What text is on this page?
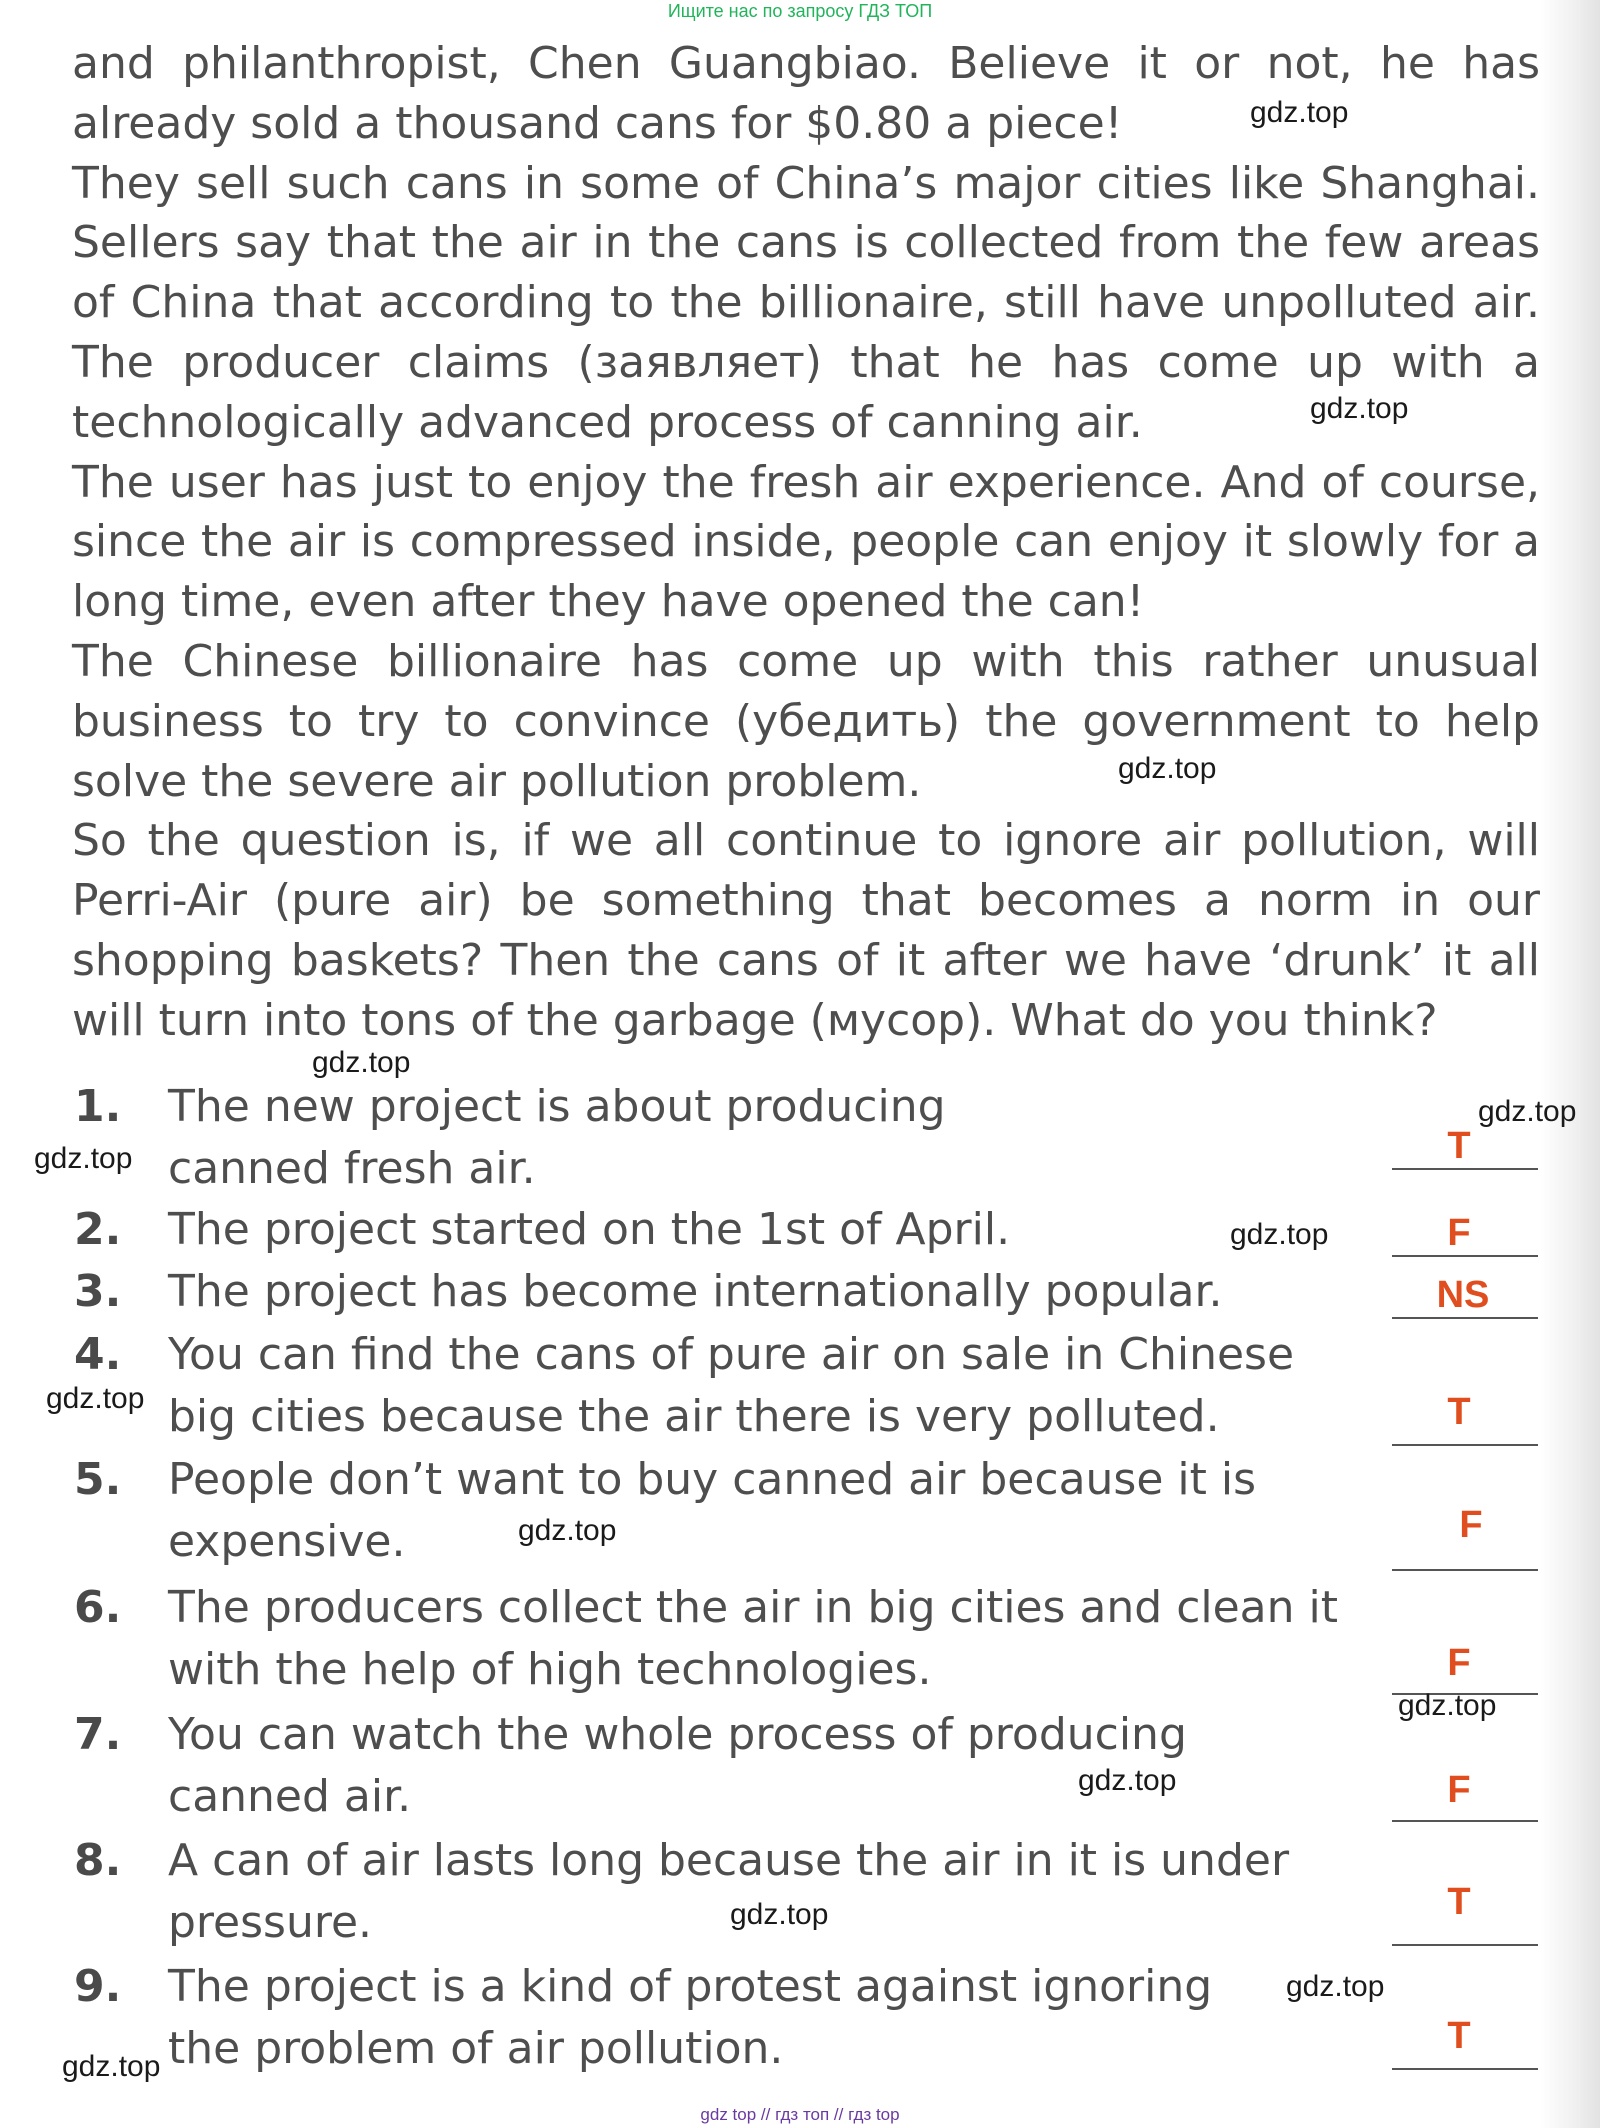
Ищите нас по запросу ГДЗ ТОП

and philanthropist, Chen Guangbiao. Believe it or not, he has already sold a thousand cans for $0.80 a piece!

They sell such cans in some of China’s major cities like Shanghai. Sellers say that the air in the cans is collected from the few areas of China that according to the billionaire, still have unpolluted air. The producer claims (заявляет) that he has come up with a technologically advanced process of canning air.

The user has just to enjoy the fresh air experience. And of course, since the air is compressed inside, people can enjoy it slowly for a long time, even after they have opened the can!

The Chinese billionaire has come up with this rather unusual business to try to convince (убедить) the government to help solve the severe air pollution problem.

So the question is, if we all continue to ignore air pollution, will Perri-Air (pure air) be something that becomes a norm in our shopping baskets? Then the cans of it after we have ‘drunk’ it all will turn into tons of the garbage (мусор). What do you think?

1. The new project is about producing canned fresh air.	T
2. The project started on the 1st of April.	F
3. The project has become internationally popular.	NS
4. You can find the cans of pure air on sale in Chinese big cities because the air there is very polluted.	T
5. People don’t want to buy canned air because it is expensive.	F
6. The producers collect the air in big cities and clean it with the help of high technologies.	F
7. You can watch the whole process of producing canned air.	F
8. A can of air lasts long because the air in it is under pressure.	T
9. The project is a kind of protest against ignoring the problem of air pollution.	T
gdz.top
gdz.top
gdz.top
gdz.top
gdz.top
gdz.top
gdz.top
gdz.top
gdz.top
gdz.top
gdz.top
gdz.top
gdz.top
gdz.top
gdz top // гдз топ // гдз top
